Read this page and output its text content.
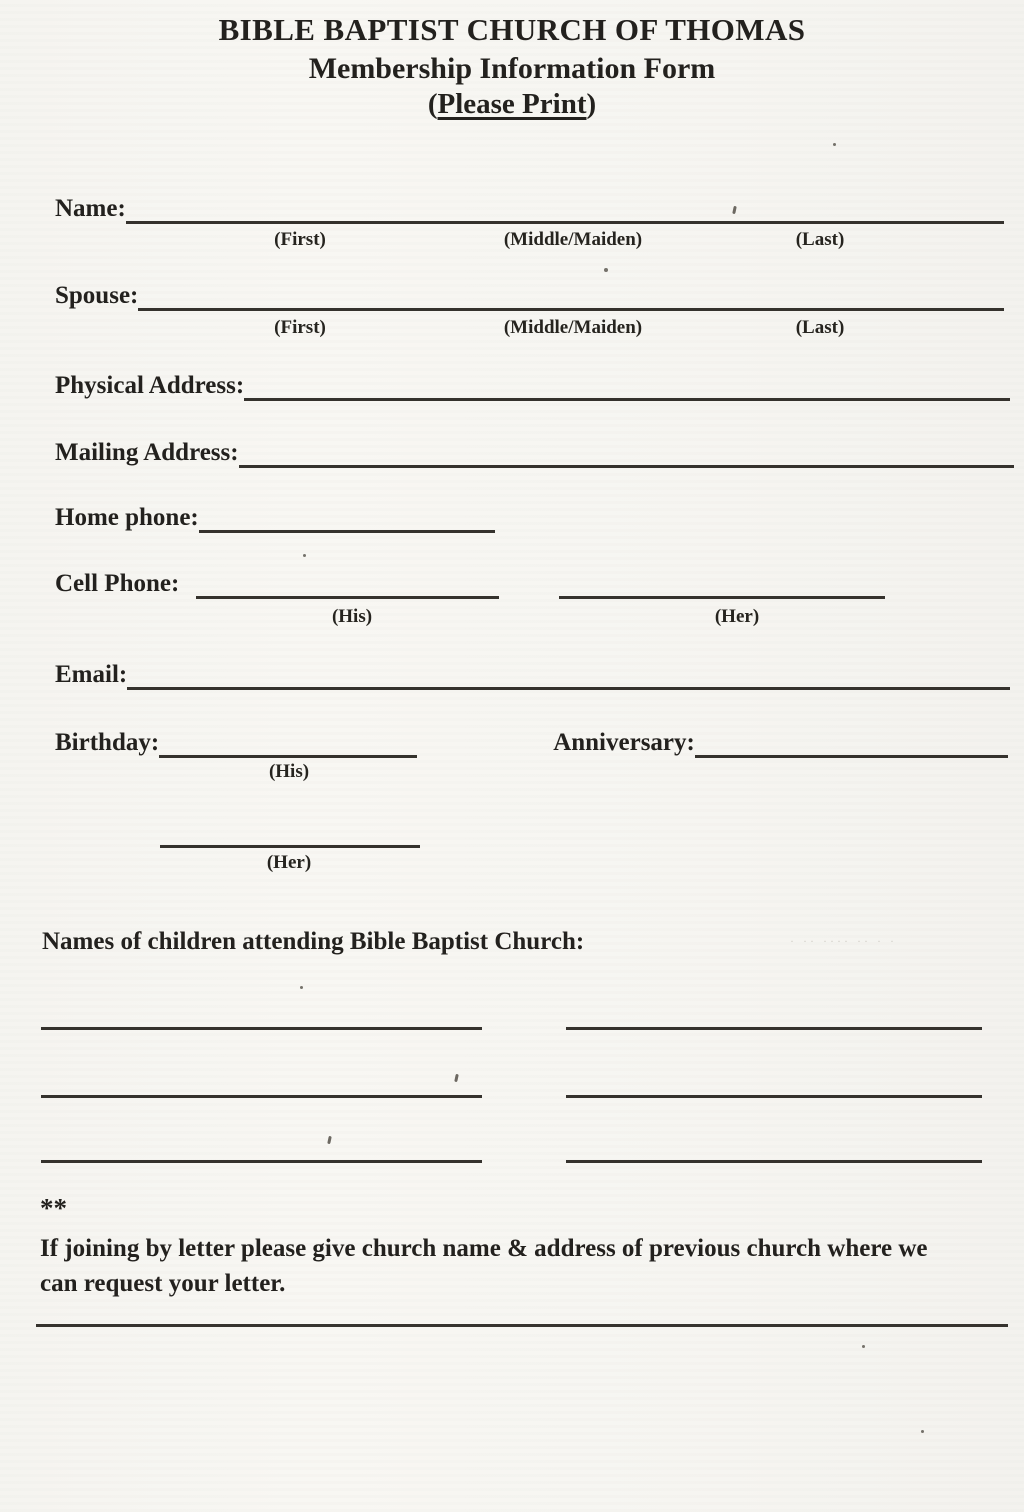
BIBLE BAPTIST CHURCH OF THOMAS
Membership Information Form
(Please Print)
Name:
(First)	(Middle/Maiden)	(Last)
Spouse:
(First)	(Middle/Maiden)	(Last)
Physical Address:
Mailing Address:
Home phone:
Cell Phone:
(His)	(Her)
Email:
Birthday:	Anniversary:
(His)
(Her)
Names of children attending Bible Baptist Church:
**
If joining by letter please give church name & address of previous church where we can request your letter.
· ·· ···· ·· · ·
